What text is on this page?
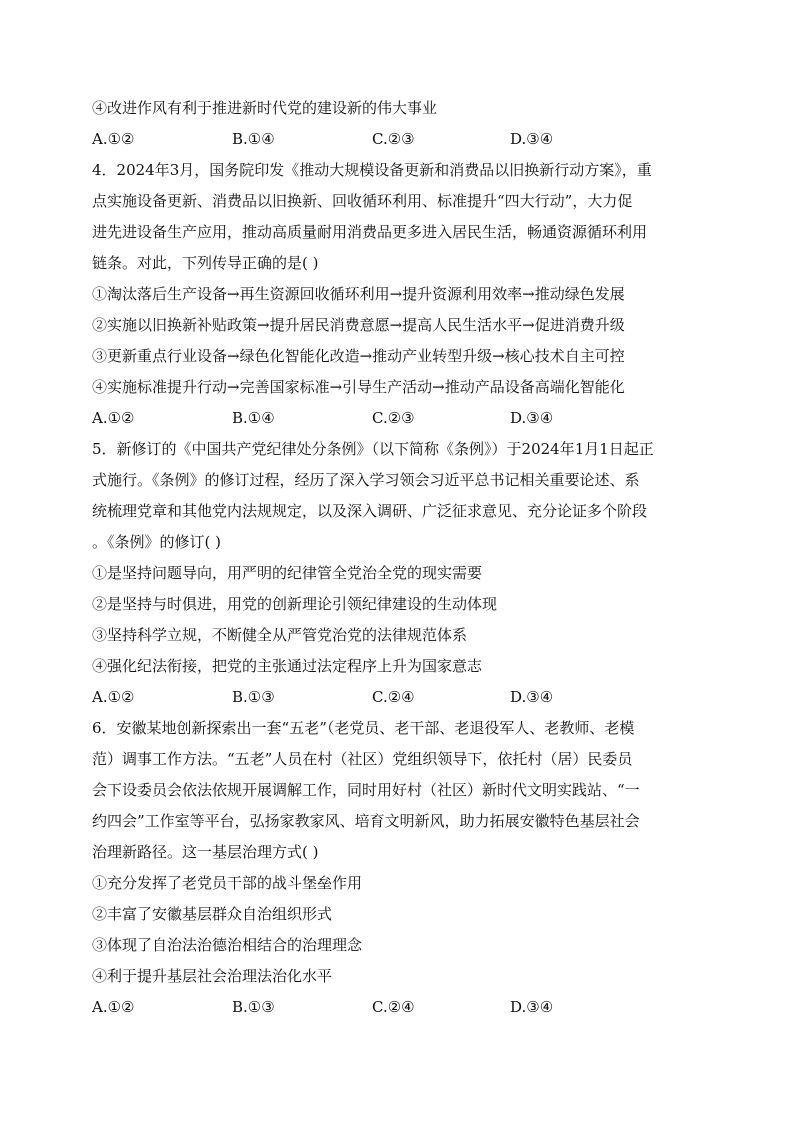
④改进作风有利于推进新时代党的建设新的伟大事业
A.①②	B.①④	C.②③	D.③④
4．2024年3月，国务院印发《推动大规模设备更新和消费品以旧换新行动方案》，重
点实施设备更新、消费品以旧换新、回收循环利用、标准提升“四大行动”，大力促
进先进设备生产应用，推动高质量耐用消费品更多进入居民生活，畅通资源循环利用
链条。对此，下列传导正确的是( )
①淘汰落后生产设备→再生资源回收循环利用→提升资源利用效率→推动绿色发展
②实施以旧换新补贴政策→提升居民消费意愿→提高人民生活水平→促进消费升级
③更新重点行业设备→绿色化智能化改造→推动产业转型升级→核心技术自主可控
④实施标准提升行动→完善国家标准→引导生产活动→推动产品设备高端化智能化
A.①②	B.①④	C.②③	D.③④
5．新修订的《中国共产党纪律处分条例》（以下简称《条例》）于2024年1月1日起正
式施行。《条例》的修订过程，经历了深入学习领会习近平总书记相关重要论述、系
统梳理党章和其他党内法规规定，以及深入调研、广泛征求意见、充分论证多个阶段
。《条例》的修订( )
①是坚持问题导向，用严明的纪律管全党治全党的现实需要
②是坚持与时俱进，用党的创新理论引领纪律建设的生动体现
③坚持科学立规，不断健全从严管党治党的法律规范体系
④强化纪法衔接，把党的主张通过法定程序上升为国家意志
A.①②	B.①③	C.②④	D.③④
6．安徽某地创新探索出一套“五老”（老党员、老干部、老退役军人、老教师、老模
范）调事工作方法。“五老”人员在村（社区）党组织领导下，依托村（居）民委员
会下设委员会依法依规开展调解工作，同时用好村（社区）新时代文明实践站、“一
约四会”工作室等平台，弘扬家教家风、培育文明新风，助力拓展安徽特色基层社会
治理新路径。这一基层治理方式( )
①充分发挥了老党员干部的战斗堡垒作用
②丰富了安徽基层群众自治组织形式
③体现了自治法治德治相结合的治理理念
④利于提升基层社会治理法治化水平
A.①②	B.①③	C.②④	D.③④
